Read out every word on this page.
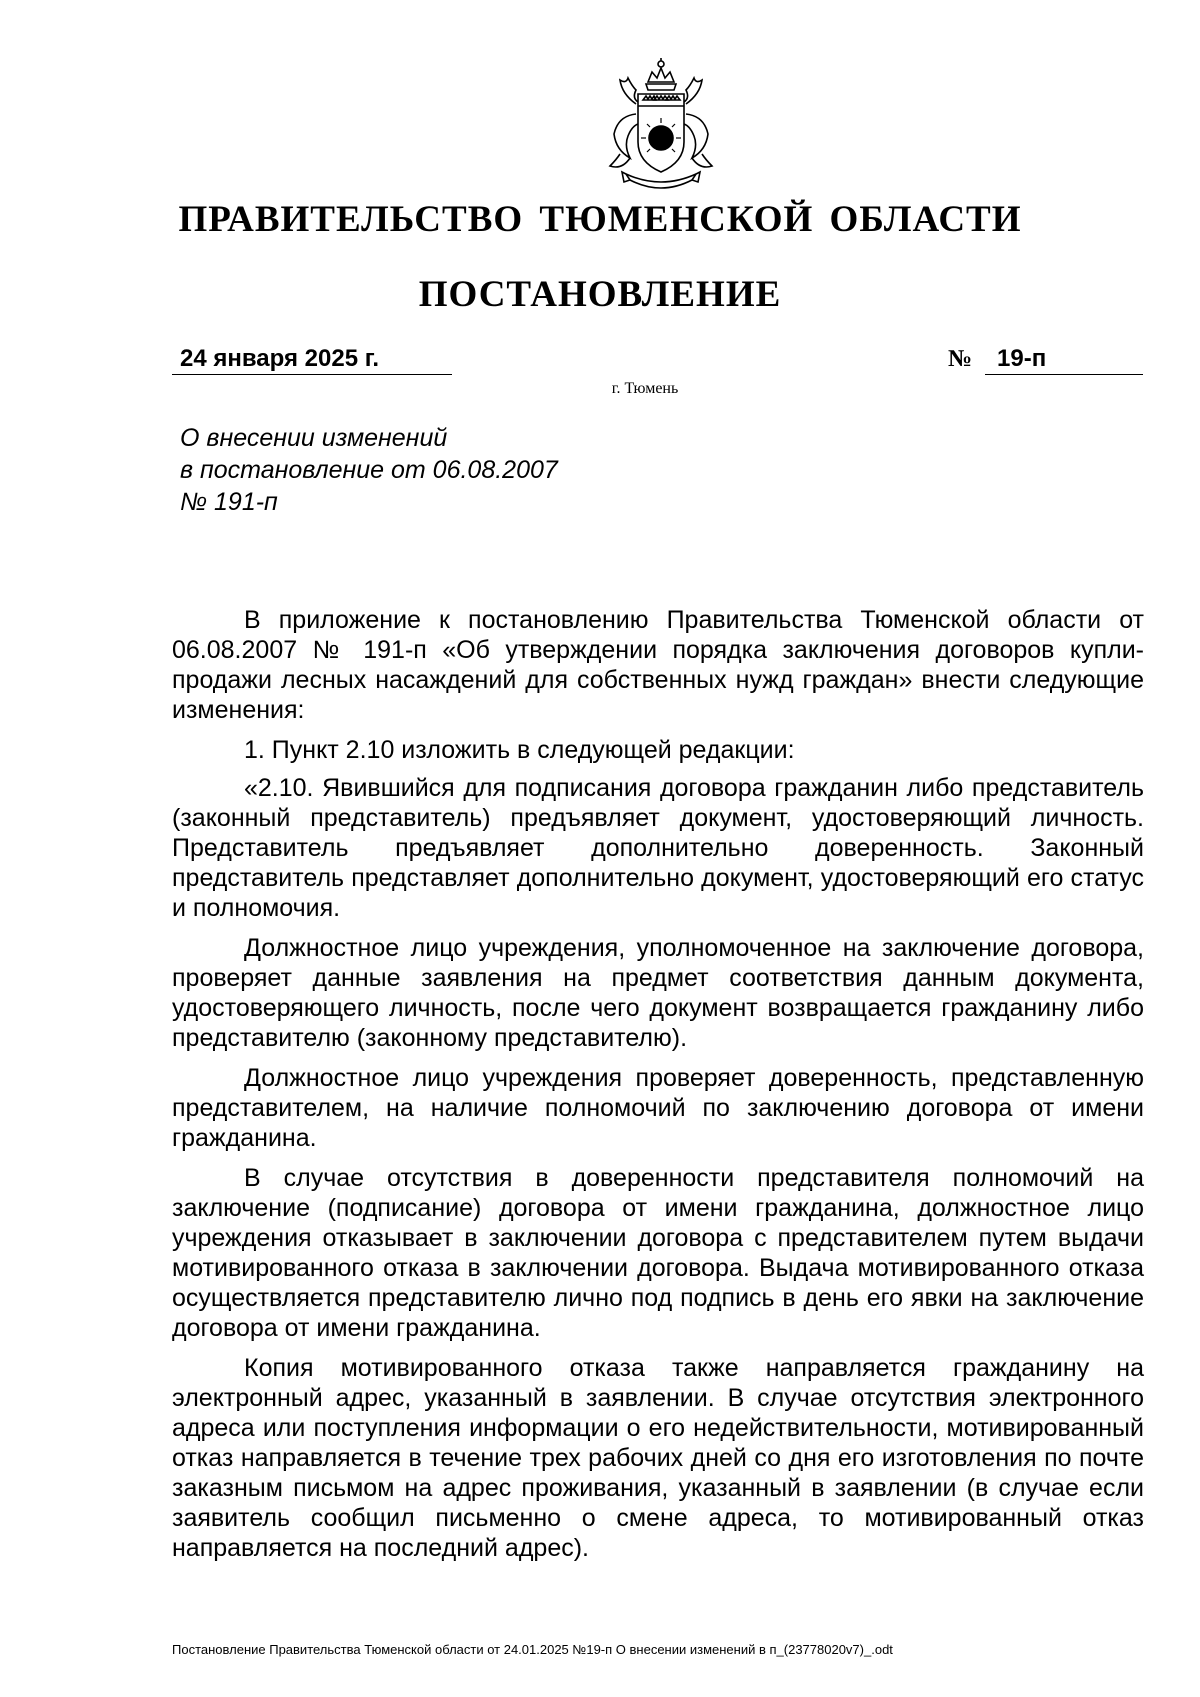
ПРАВИТЕЛЬСТВО ТЮМЕНСКОЙ ОБЛАСТИ
ПОСТАНОВЛЕНИЕ
24 января 2025 г.	№	19-п
г. Тюмень
О внесении изменений
в постановление от 06.08.2007
№ 191-п

В приложение к постановлению Правительства Тюменской области от 06.08.2007 № 191-п «Об утверждении порядка заключения договоров купли-продажи лесных насаждений для собственных нужд граждан» внести следующие изменения:

1. Пункт 2.10 изложить в следующей редакции:

«2.10. Явившийся для подписания договора гражданин либо представитель (законный представитель) предъявляет документ, удостоверяющий личность. Представитель предъявляет дополнительно доверенность. Законный представитель представляет дополнительно документ, удостоверяющий его статус и полномочия.

Должностное лицо учреждения, уполномоченное на заключение договора, проверяет данные заявления на предмет соответствия данным документа, удостоверяющего личность, после чего документ возвращается гражданину либо представителю (законному представителю).

Должностное лицо учреждения проверяет доверенность, представленную представителем, на наличие полномочий по заключению договора от имени гражданина.

В случае отсутствия в доверенности представителя полномочий на заключение (подписание) договора от имени гражданина, должностное лицо учреждения отказывает в заключении договора с представителем путем выдачи мотивированного отказа в заключении договора. Выдача мотивированного отказа осуществляется представителю лично под подпись в день его явки на заключение договора от имени гражданина.

Копия мотивированного отказа также направляется гражданину на электронный адрес, указанный в заявлении. В случае отсутствия электронного адреса или поступления информации о его недействительности, мотивированный отказ направляется в течение трех рабочих дней со дня его изготовления по почте заказным письмом на адрес проживания, указанный в заявлении (в случае если заявитель сообщил письменно о смене адреса, то мотивированный отказ направляется на последний адрес).

Постановление Правительства Тюменской области от 24.01.2025 №19-п О внесении изменений в п_(23778020v7)_.odt
